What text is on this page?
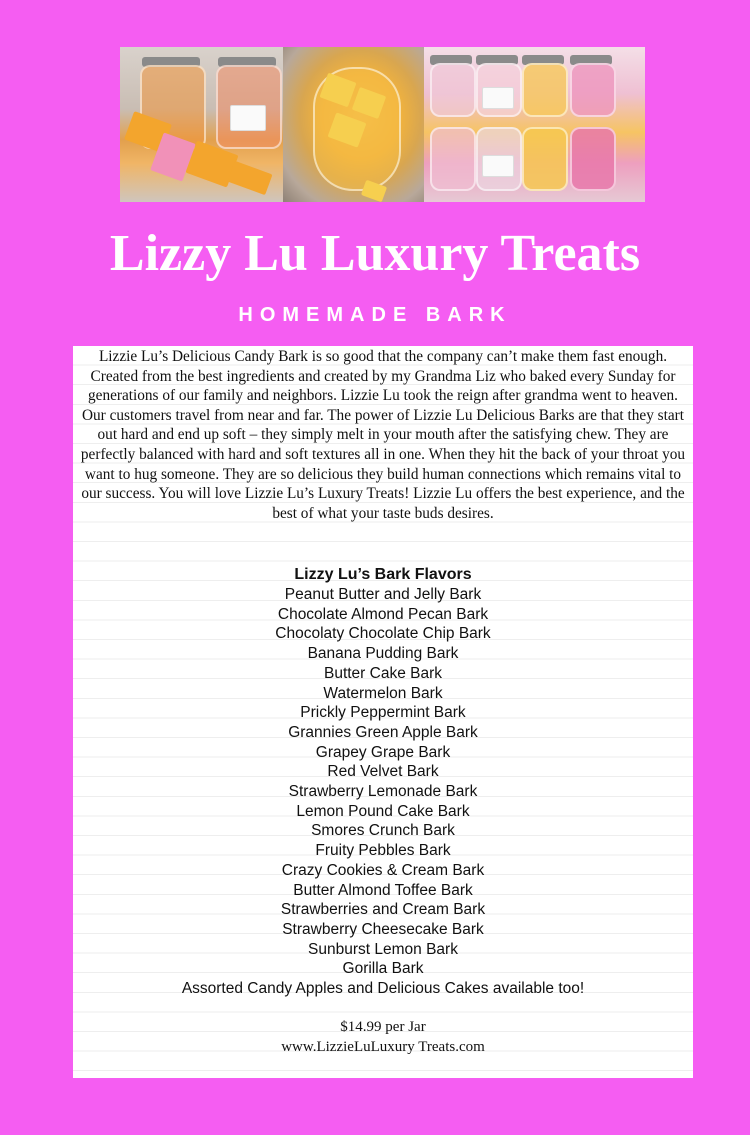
Lizzy Lu Luxury Treats
HOMEMADE BARK
Lizzie Lu’s Delicious Candy Bark is so good that the company can’t make them fast enough. Created from the best ingredients and created by my Grandma Liz who baked every Sunday for generations of our family and neighbors. Lizzie Lu took the reign after grandma went to heaven. Our customers travel from near and far. The power of Lizzie Lu Delicious Barks are that they start out hard and end up soft – they simply melt in your mouth after the satisfying chew. They are perfectly balanced with hard and soft textures all in one. When they hit the back of your throat you want to hug someone. They are so delicious they build human connections which remains vital to our success. You will love Lizzie Lu’s Luxury Treats! Lizzie Lu offers the best experience, and the best of what your taste buds desires.
Lizzy Lu’s Bark Flavors
Peanut Butter and Jelly Bark
Chocolate Almond Pecan Bark
Chocolaty Chocolate Chip Bark
Banana Pudding Bark
Butter Cake Bark
Watermelon Bark
Prickly Peppermint Bark
Grannies Green Apple Bark
Grapey Grape Bark
Red Velvet Bark
Strawberry Lemonade Bark
Lemon Pound Cake Bark
Smores Crunch Bark
Fruity Pebbles Bark
Crazy Cookies & Cream Bark
Butter Almond Toffee Bark
Strawberries and Cream Bark
Strawberry Cheesecake Bark
Sunburst Lemon Bark
Gorilla Bark
Assorted Candy Apples and Delicious Cakes available too!
$14.99 per Jar
www.LizzieLuLuxury Treats.com
